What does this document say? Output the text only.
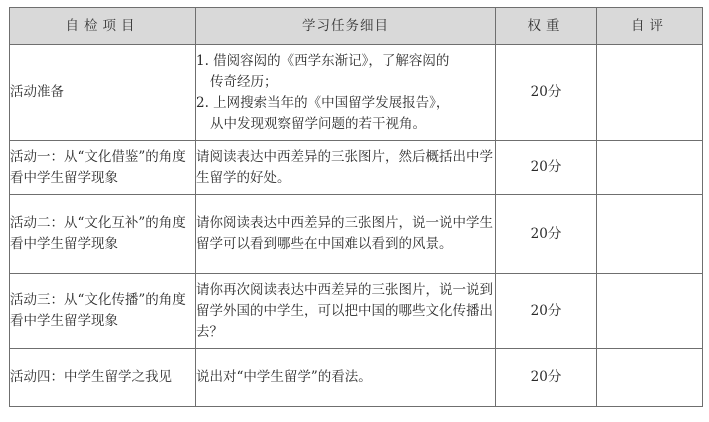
自检项目	学习任务细目	权重	自评
活动准备	1. 借阅容闳的《西学东渐记》，了解容闳的
传奇经历；
2. 上网搜索当年的《中国留学发展报告》，
从中发现观察留学问题的若干视角。	20分	
活动一：从“文化借鉴”的角度看中学生留学现象	请阅读表达中西差异的三张图片，然后概括出中学生留学的好处。	20分	
活动二：从“文化互补”的角度看中学生留学现象	请你阅读表达中西差异的三张图片，说一说中学生留学可以看到哪些在中国难以看到的风景。	20分	
活动三：从“文化传播”的角度看中学生留学现象	请你再次阅读表达中西差异的三张图片，说一说到留学外国的中学生，可以把中国的哪些文化传播出去？	20分	
活动四：中学生留学之我见	说出对“中学生留学”的看法。	20分	
